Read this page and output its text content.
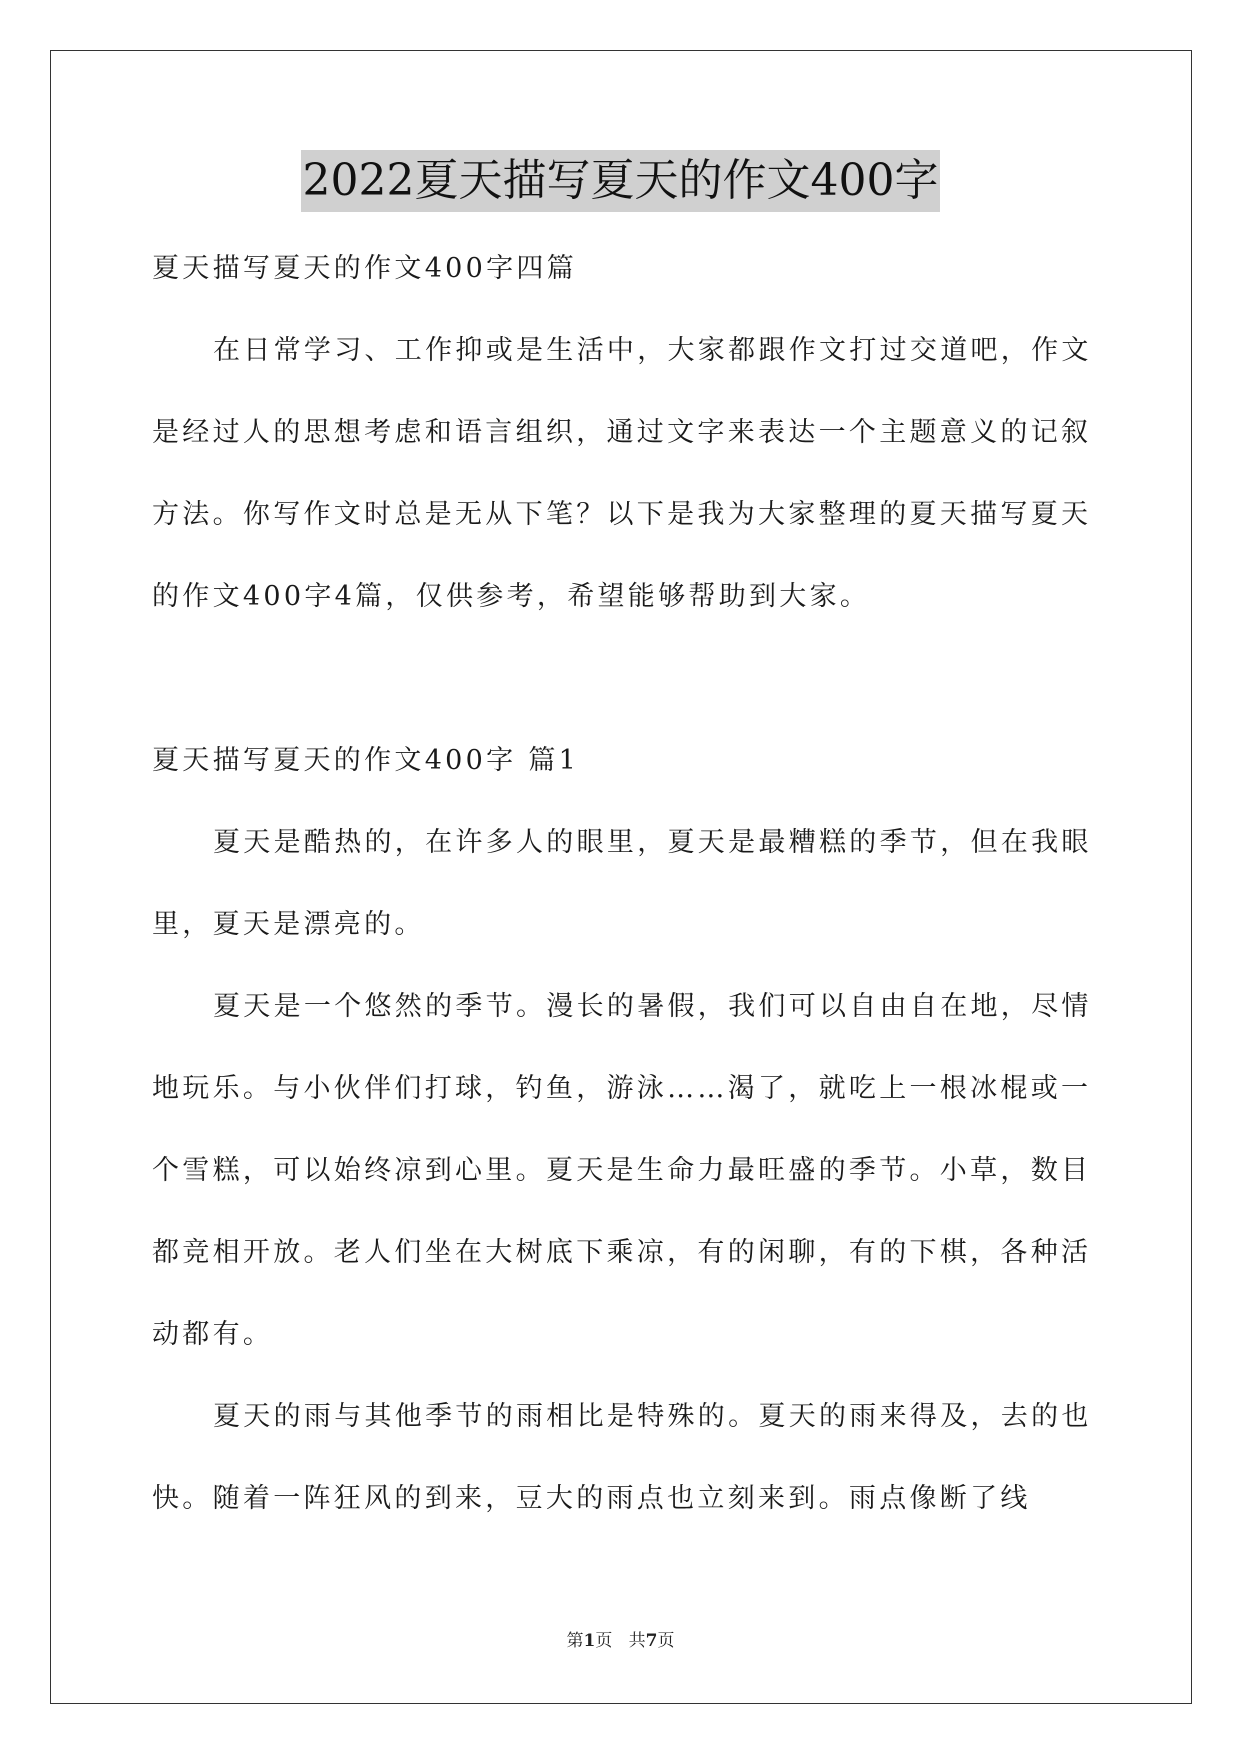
2022夏天描写夏天的作文400字

夏天描写夏天的作文400字四篇

在日常学习、工作抑或是生活中，大家都跟作文打过交道吧，作文是经过人的思想考虑和语言组织，通过文字来表达一个主题意义的记叙方法。你写作文时总是无从下笔？以下是我为大家整理的夏天描写夏天的作文400字4篇，仅供参考，希望能够帮助到大家。

夏天描写夏天的作文400字 篇1

夏天是酷热的，在许多人的眼里，夏天是最糟糕的季节，但在我眼里，夏天是漂亮的。

夏天是一个悠然的季节。漫长的暑假，我们可以自由自在地，尽情地玩乐。与小伙伴们打球，钓鱼，游泳……渴了，就吃上一根冰棍或一个雪糕，可以始终凉到心里。夏天是生命力最旺盛的季节。小草，数目都竞相开放。老人们坐在大树底下乘凉，有的闲聊，有的下棋，各种活动都有。

夏天的雨与其他季节的雨相比是特殊的。夏天的雨来得及，去的也快。随着一阵狂风的到来，豆大的雨点也立刻来到。雨点像断了线

第1页 共7页
